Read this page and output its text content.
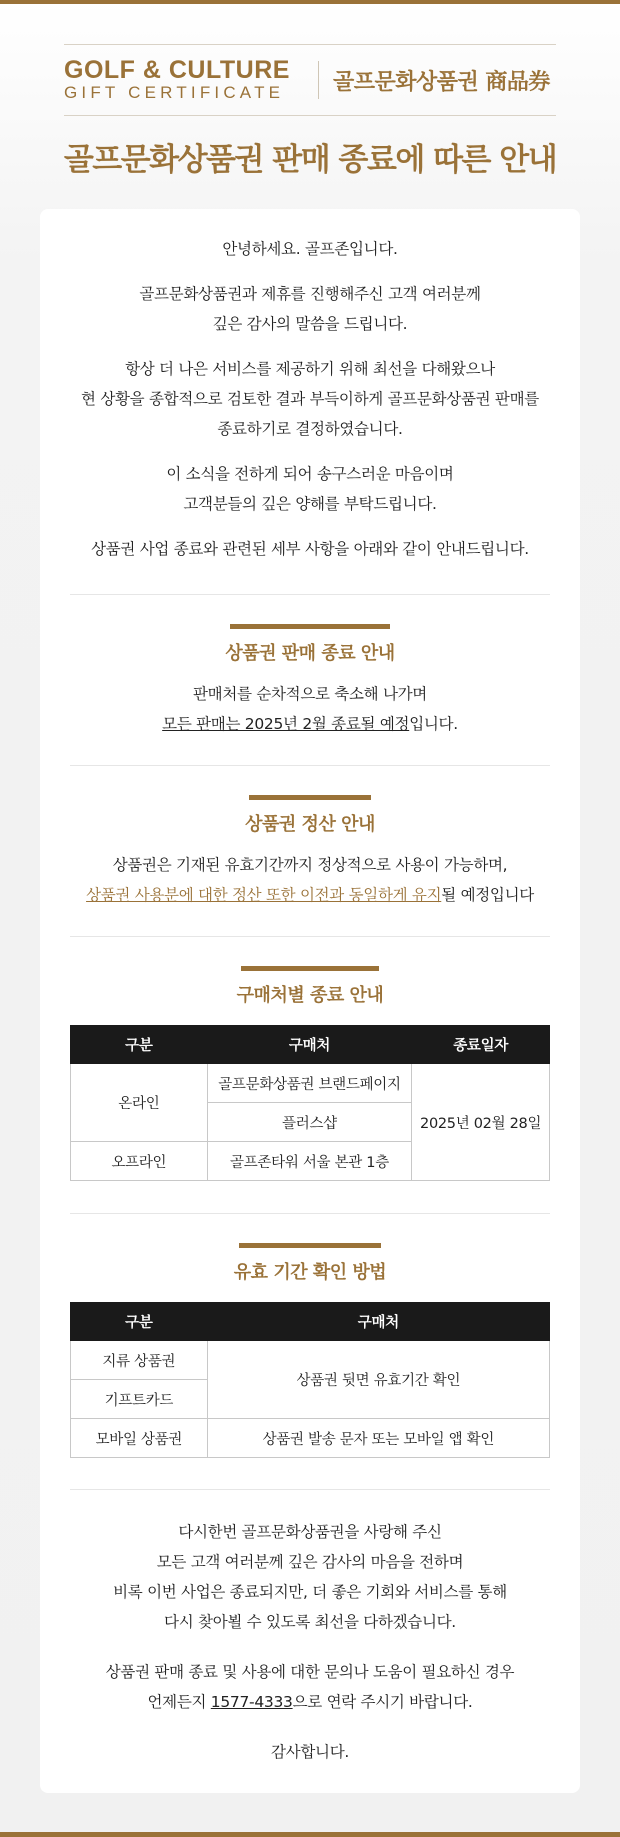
GOLF & CULTURE
GIFT CERTIFICATE	골프문화상품권 商品券
골프문화상품권 판매 종료에 따른 안내
안녕하세요. 골프존입니다.
골프문화상품권과 제휴를 진행해주신 고객 여러분께
깊은 감사의 말씀을 드립니다.
항상 더 나은 서비스를 제공하기 위해 최선을 다해왔으나
현 상황을 종합적으로 검토한 결과 부득이하게 골프문화상품권 판매를
종료하기로 결정하였습니다.
이 소식을 전하게 되어 송구스러운 마음이며
고객분들의 깊은 양해를 부탁드립니다.
상품권 사업 종료와 관련된 세부 사항을 아래와 같이 안내드립니다.
상품권 판매 종료 안내
판매처를 순차적으로 축소해 나가며
모든 판매는 2025년 2월 종료될 예정입니다.
상품권 정산 안내
상품권은 기재된 유효기간까지 정상적으로 사용이 가능하며,
상품권 사용분에 대한 정산 또한 이전과 동일하게 유지될 예정입니다
구매처별 종료 안내
구분	구매처	종료일자
온라인	골프문화상품권 브랜드페이지	2025년 02월 28일
	플러스샵	
오프라인	골프존타워 서울 본관 1층	
유효 기간 확인 방법
구분	구매처
지류 상품권	상품권 뒷면 유효기간 확인
기프트카드	
모바일 상품권	상품권 발송 문자 또는 모바일 앱 확인
다시한번 골프문화상품권을 사랑해 주신
모든 고객 여러분께 깊은 감사의 마음을 전하며
비록 이번 사업은 종료되지만, 더 좋은 기회와 서비스를 통해
다시 찾아뵐 수 있도록 최선을 다하겠습니다.
상품권 판매 종료 및 사용에 대한 문의나 도움이 필요하신 경우
언제든지 1577-4333으로 연락 주시기 바랍니다.
감사합니다.
